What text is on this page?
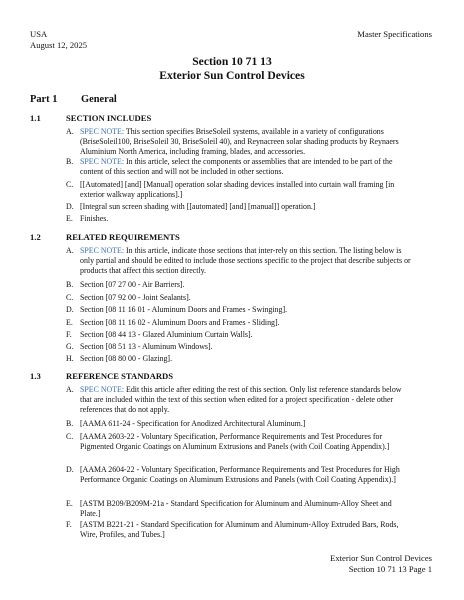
USA
August 12, 2025
Master Specifications
Section 10 71 13
Exterior Sun Control Devices
Part 1 General
1.1	SECTION INCLUDES
A. SPEC NOTE: This section specifies BriseSoleil systems, available in a variety of configurations (BriseSoleil100, BriseSoleil 30, BriseSoleil 40), and Reynacreen solar shading products by Reynaers Aluminium North America, including framing, blades, and accessories.
B. SPEC NOTE: In this article, select the components or assemblies that are intended to be part of the content of this section and will not be included in other sections.
C. [[Automated] [and] [Manual] operation solar shading devices installed into curtain wall framing [in exterior walkway applications].]
D. [Integral sun screen shading with [[automated] [and] [manual]] operation.]
E. Finishes.
1.2	RELATED REQUIREMENTS
A. SPEC NOTE: In this article, indicate those sections that inter-rely on this section. The listing below is only partial and should be edited to include those sections specific to the project that describe subjects or products that affect this section directly.
B. Section [07 27 00 - Air Barriers].
C. Section [07 92 00 - Joint Sealants].
D. Section [08 11 16 01 - Aluminum Doors and Frames - Swinging].
E. Section [08 11 16 02 - Aluminum Doors and Frames - Sliding].
F. Section [08 44 13 - Glazed Aluminium Curtain Walls].
G. Section [08 51 13 - Aluminum Windows].
H. Section [08 80 00 - Glazing].
1.3	REFERENCE STANDARDS
A. SPEC NOTE: Edit this article after editing the rest of this section. Only list reference standards below that are included within the text of this section when edited for a project specification - delete other references that do not apply.
B. [AAMA 611-24 - Specification for Anodized Architectural Aluminum.]
C. [AAMA 2603-22 - Voluntary Specification, Performance Requirements and Test Procedures for Pigmented Organic Coatings on Aluminum Extrusions and Panels (with Coil Coating Appendix).]
D. [AAMA 2604-22 - Voluntary Specification, Performance Requirements and Test Procedures for High Performance Organic Coatings on Aluminum Extrusions and Panels (with Coil Coating Appendix).]
E. [ASTM B209/B209M-21a - Standard Specification for Aluminum and Aluminum-Alloy Sheet and Plate.]
F. [ASTM B221-21 - Standard Specification for Aluminum and Aluminum-Alloy Extruded Bars, Rods, Wire, Profiles, and Tubes.]
Exterior Sun Control Devices
Section 10 71 13 Page 1
